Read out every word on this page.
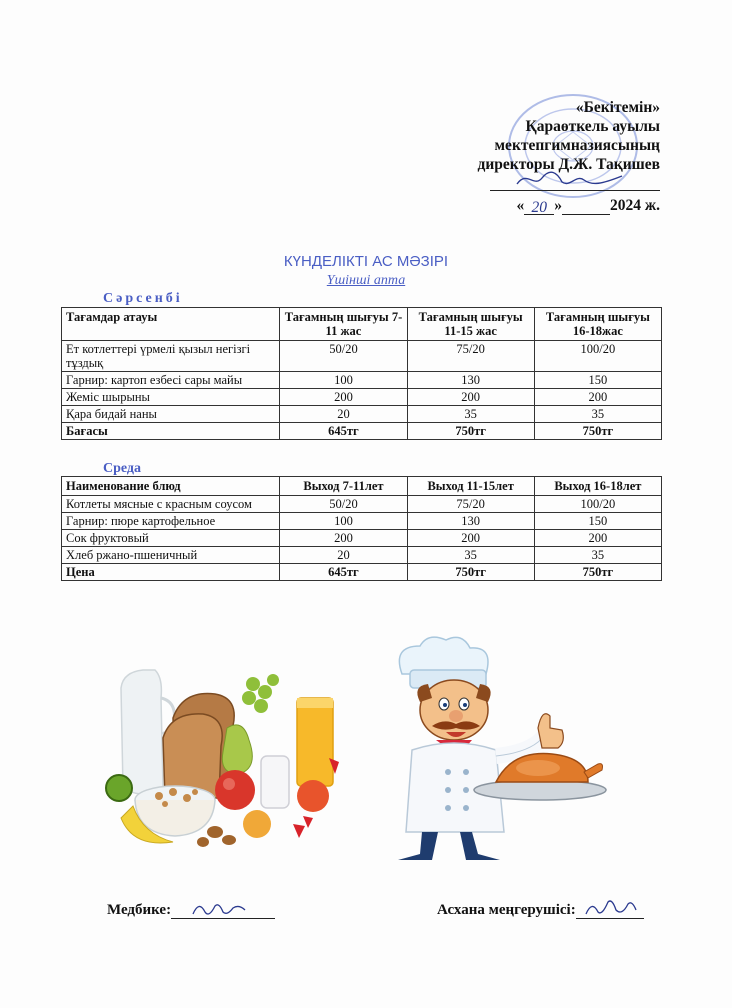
«Бекітемін»
Қараөткель ауылы
мектепгимназиясының
директоры Д.Ж. Тақишев
« 20 »	2024 ж.
КҮНДЕЛІКТІ АС МӘЗІРІ
Үшінші апта
Сәрсенбі
Тағамдар атауы	Тағамның шығуы 7-11 жас	Тағамның шығуы 11-15 жас	Тағамның шығуы 16-18жас
Ет котлеттері үрмелі қызыл негізгі тұздық	50/20	75/20	100/20
Гарнир: картоп езбесі сары майы	100	130	150
Жеміс шырыны	200	200	200
Қара бидай наны	20	35	35
Бағасы	645тг	750тг	750тг
Среда
Наименование блюд	Выход 7-11лет	Выход 11-15лет	Выход 16-18лет
Котлеты мясные с красным соусом	50/20	75/20	100/20
Гарнир: пюре картофельное	100	130	150
Сок фруктовый	200	200	200
Хлеб ржано-пшеничный	20	35	35
Цена	645тг	750тг	750тг
Медбике:	Асхана меңгерушісі:
